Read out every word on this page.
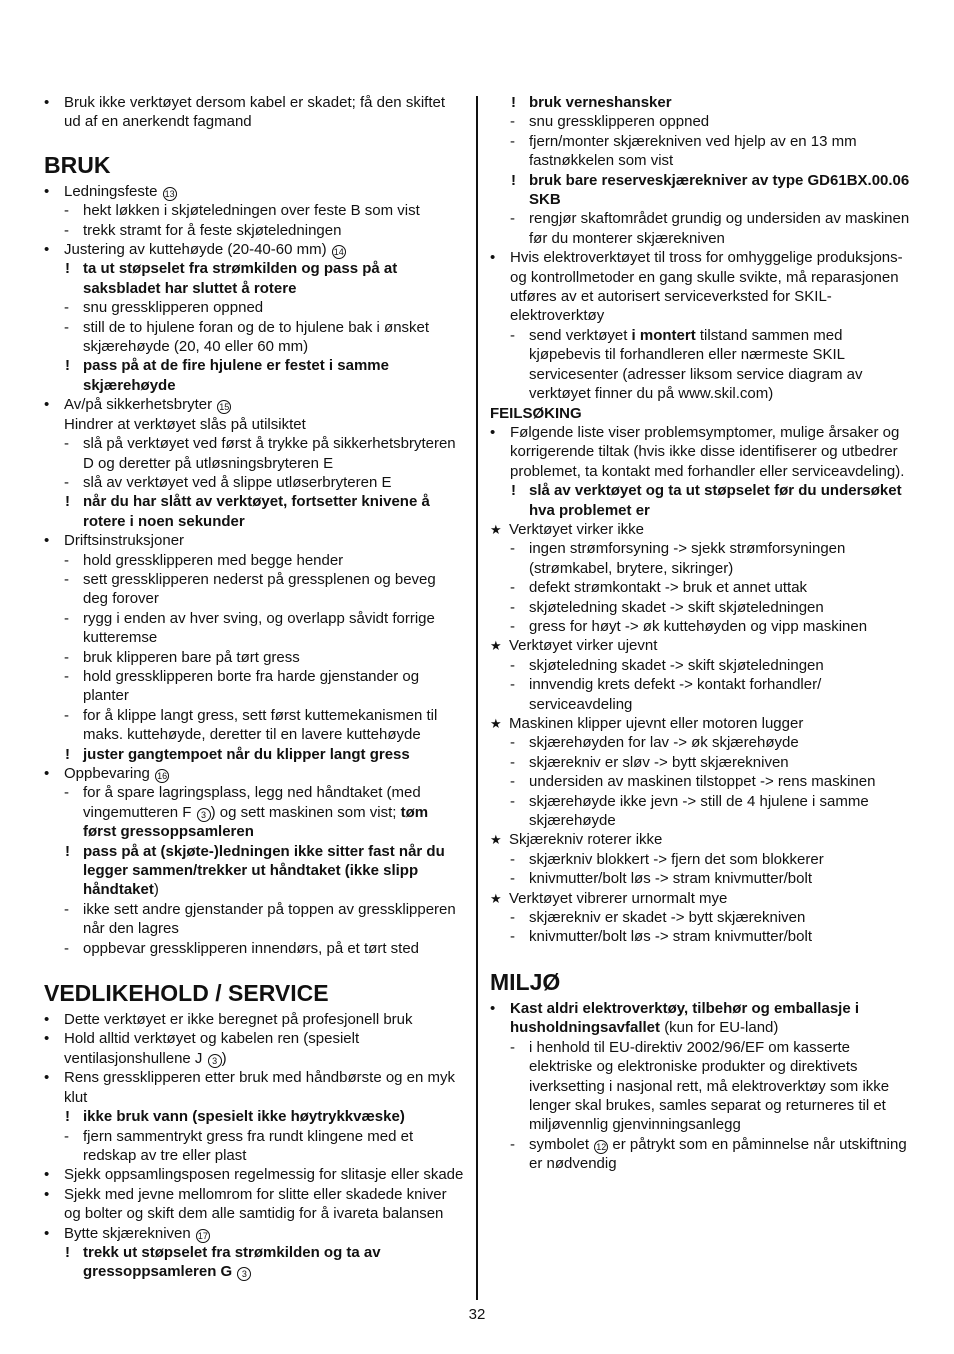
• Bruk ikke verktøyet dersom kabel er skadet; få den skiftet ud af en anerkendt fagmand
BRUK
• Ledningsfeste 13
- hekt løkken i skjøteledningen over feste B som vist
- trekk stramt for å feste skjøteledningen
• Justering av kuttehøyde (20-40-60 mm) 14
! ta ut støpselet fra strømkilden og pass på at saksbladet har sluttet å rotere
- snu gressklipperen oppned
- still de to hjulene foran og de to hjulene bak i ønsket skjærehøyde (20, 40 eller 60 mm)
! pass på at de fire hjulene er festet i samme skjærehøyde
• Av/på sikkerhetsbryter 15
Hindrer at verktøyet slås på utilsiktet
- slå på verktøyet ved først å trykke på sikkerhetsbryteren D og deretter på utløsningsbryteren E
- slå av verktøyet ved å slippe utløserbryteren E
! når du har slått av verktøyet, fortsetter knivene å rotere i noen sekunder
• Driftsinstruksjoner
- hold gressklipperen med begge hender
- sett gressklipperen nederst på gressplenen og beveg deg forover
- rygg i enden av hver sving, og overlapp såvidt forrige kutteremse
- bruk klipperen bare på tørt gress
- hold gressklipperen borte fra harde gjenstander og planter
- for å klippe langt gress, sett først kuttemekanismen til maks. kuttehøyde, deretter til en lavere kuttehøyde
! juster gangtempoet når du klipper langt gress
• Oppbevaring 16
- for å spare lagringsplass, legg ned håndtaket (med vingemutteren F 3 ) og sett maskinen som vist; tøm først gressoppsamleren
! pass på at (skjøte-)ledningen ikke sitter fast når du legger sammen/trekker ut håndtaket (ikke slipp håndtaket)
- ikke sett andre gjenstander på toppen av gressklipperen når den lagres
- oppbevar gressklipperen innendørs, på et tørt sted
VEDLIKEHOLD / SERVICE
• Dette verktøyet er ikke beregnet på profesjonell bruk
• Hold alltid verktøyet og kabelen ren (spesielt ventilasjonshullene J 3 )
• Rens gressklipperen etter bruk med håndbørste og en myk klut
! ikke bruk vann (spesielt ikke høytrykkvæske)
- fjern sammentrykt gress fra rundt klingene med et redskap av tre eller plast
• Sjekk oppsamlingsposen regelmessig for slitasje eller skade
• Sjekk med jevne mellomrom for slitte eller skadede kniver og bolter og skift dem alle samtidig for å ivareta balansen
• Bytte skjærekniven 17
! trekk ut støpselet fra strømkilden og ta av gressoppsamleren G 3
! bruk verneshansker
- snu gressklipperen oppned
- fjern/monter skjærekniven ved hjelp av en 13 mm fastnøkkelen som vist
! bruk bare reserveskjærekniver av type GD61BX.00.06 SKB
- rengjør skaftområdet grundig og undersiden av maskinen før du monterer skjærekniven
• Hvis elektroverktøyet til tross for omhyggelige produksjons- og kontrollmetoder en gang skulle svikte, må reparasjonen utføres av et autorisert serviceverksted for SKIL-elektroverktøy
- send verktøyet i montert tilstand sammen med kjøpebevis til forhandleren eller nærmeste SKIL servicesenter (adresser liksom service diagram av verktøyet finner du på www.skil.com)
FEILSØKING
• Følgende liste viser problemsymptomer, mulige årsaker og korrigerende tiltak (hvis ikke disse identifiserer og utbedrer problemet, ta kontakt med forhandler eller serviceavdeling).
! slå av verktøyet og ta ut støpselet før du undersøket hva problemet er
★ Verktøyet virker ikke
- ingen strømforsyning -> sjekk strømforsyningen (strømkabel, brytere, sikringer)
- defekt strømkontakt -> bruk et annet uttak
- skjøteledning skadet -> skift skjøteledningen
- gress for høyt -> øk kuttehøyden og vipp maskinen
★ Verktøyet virker ujevnt
- skjøteledning skadet -> skift skjøteledningen
- innvendig krets defekt -> kontakt forhandler/ serviceavdeling
★ Maskinen klipper ujevnt eller motoren lugger
- skjærehøyden for lav -> øk skjærehøyde
- skjærekniv er sløv -> bytt skjærekniven
- undersiden av maskinen tilstoppet -> rens maskinen
- skjærehøyde ikke jevn -> still de 4 hjulene i samme skjærehøyde
★ Skjærekniv roterer ikke
- skjærkniv blokkert -> fjern det som blokkerer
- knivmutter/bolt løs -> stram knivmutter/bolt
★ Verktøyet vibrerer urnormalt mye
- skjærekniv er skadet -> bytt skjærekniven
- knivmutter/bolt løs -> stram knivmutter/bolt
MILJØ
• Kast aldri elektroverktøy, tilbehør og emballasje i husholdningsavfallet (kun for EU-land)
- i henhold til EU-direktiv 2002/96/EF om kasserte elektriske og elektroniske produkter og direktivets iverksetting i nasjonal rett, må elektroverktøy som ikke lenger skal brukes, samles separat og returneres til et miljøvennlig gjenvinningsanlegg
- symbolet 12 er påtrykt som en påminnelse når utskiftning er nødvendig
32
